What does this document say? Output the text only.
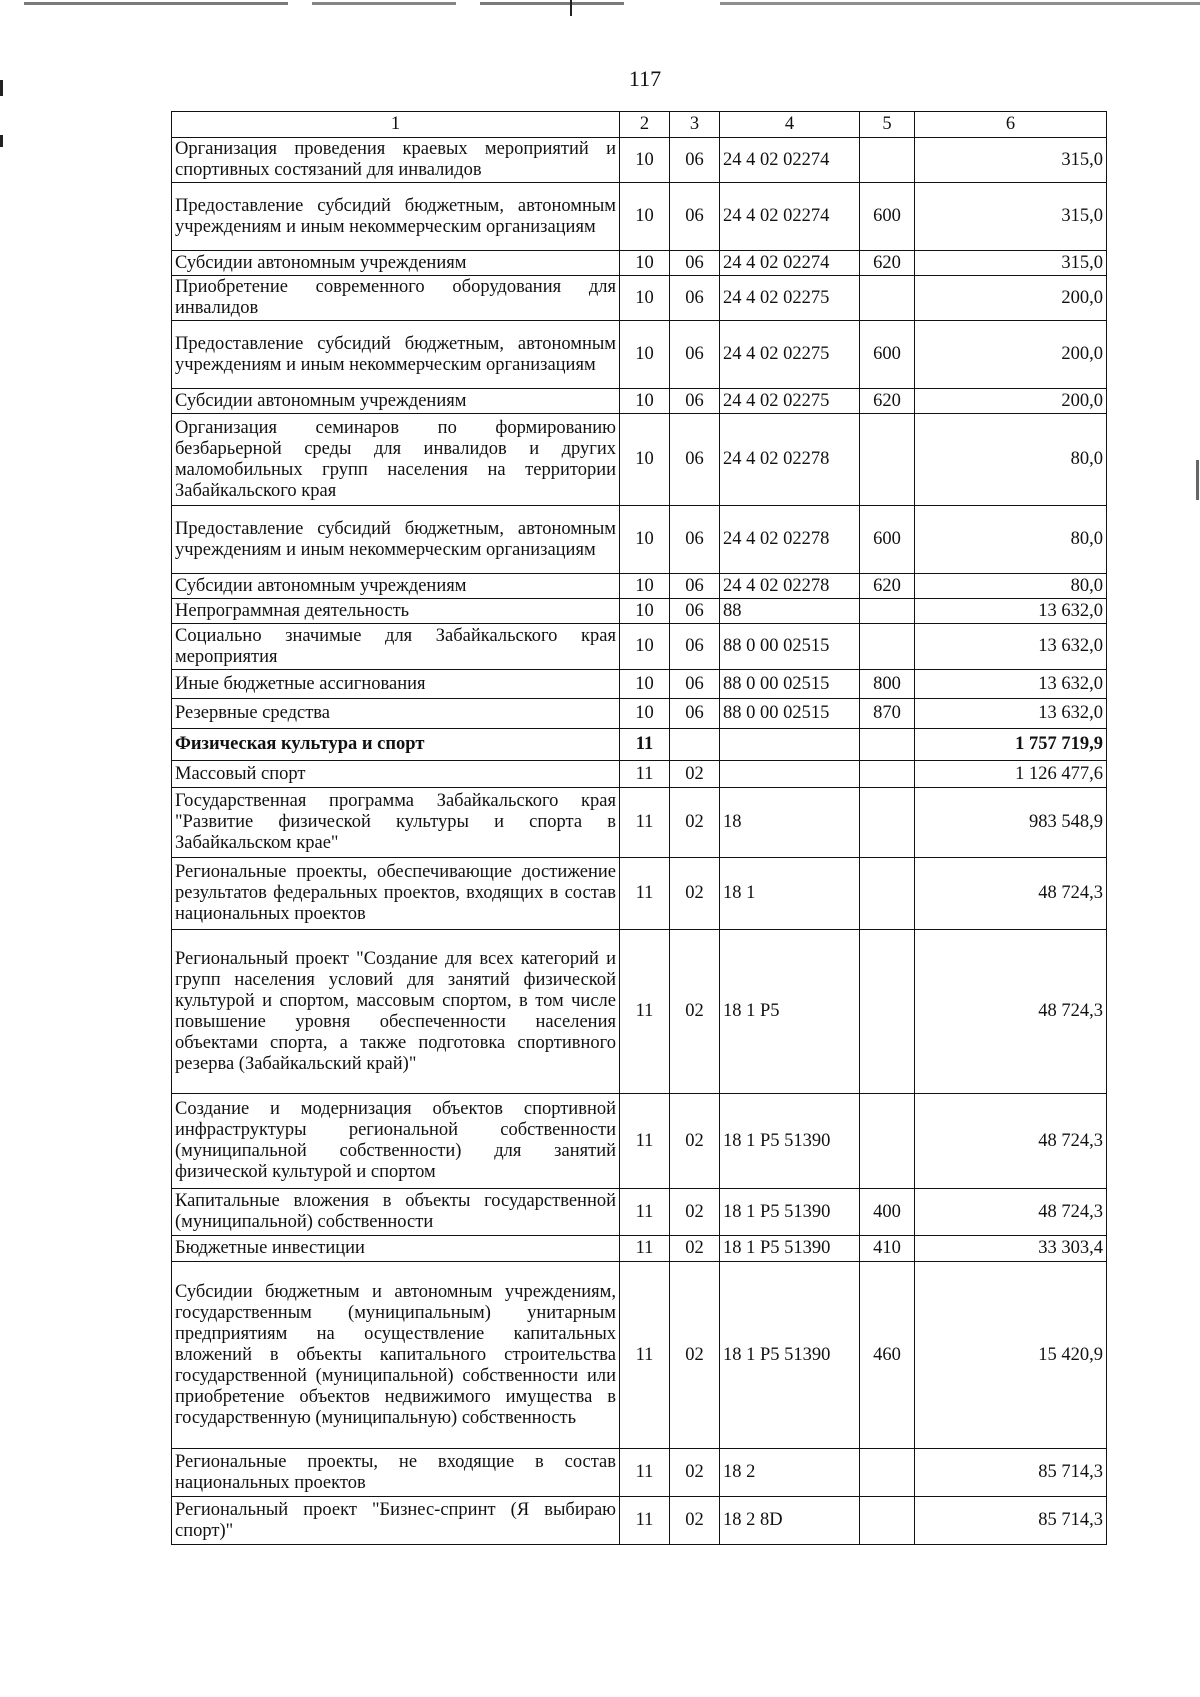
117
1	2	3	4	5	6
Организация проведения краевых мероприятий и спортивных состязаний для инвалидов	10	06	24 4 02 02274		315,0
Предоставление субсидий бюджетным, автономным учреждениям и иным некоммерческим организациям	10	06	24 4 02 02274	600	315,0
Субсидии автономным учреждениям	10	06	24 4 02 02274	620	315,0
Приобретение современного оборудования для инвалидов	10	06	24 4 02 02275		200,0
Предоставление субсидий бюджетным, автономным учреждениям и иным некоммерческим организациям	10	06	24 4 02 02275	600	200,0
Субсидии автономным учреждениям	10	06	24 4 02 02275	620	200,0
Организация семинаров по формированию безбарьерной среды для инвалидов и других маломобильных групп населения на территории Забайкальского края	10	06	24 4 02 02278		80,0
Предоставление субсидий бюджетным, автономным учреждениям и иным некоммерческим организациям	10	06	24 4 02 02278	600	80,0
Субсидии автономным учреждениям	10	06	24 4 02 02278	620	80,0
Непрограммная деятельность	10	06	88		13 632,0
Социально значимые для Забайкальского края мероприятия	10	06	88 0 00 02515		13 632,0
Иные бюджетные ассигнования	10	06	88 0 00 02515	800	13 632,0
Резервные средства	10	06	88 0 00 02515	870	13 632,0
Физическая культура и спорт	11				1 757 719,9
Массовый спорт	11	02			1 126 477,6
Государственная программа Забайкальского края "Развитие физической культуры и спорта в Забайкальском крае"	11	02	18		983 548,9
Региональные проекты, обеспечивающие достижение результатов федеральных проектов, входящих в состав национальных проектов	11	02	18 1		48 724,3
Региональный проект "Создание для всех категорий и групп населения условий для занятий физической культурой и спортом, массовым спортом, в том числе повышение уровня обеспеченности населения объектами спорта, а также подготовка спортивного резерва (Забайкальский край)"	11	02	18 1 P5		48 724,3
Создание и модернизация объектов спортивной инфраструктуры региональной собственности (муниципальной собственности) для занятий физической культурой и спортом	11	02	18 1 P5 51390		48 724,3
Капитальные вложения в объекты государственной (муниципальной) собственности	11	02	18 1 P5 51390	400	48 724,3
Бюджетные инвестиции	11	02	18 1 P5 51390	410	33 303,4
Субсидии бюджетным и автономным учреждениям, государственным (муниципальным) унитарным предприятиям на осуществление капитальных вложений в объекты капитального строительства государственной (муниципальной) собственности или приобретение объектов недвижимого имущества в государственную (муниципальную) собственность	11	02	18 1 P5 51390	460	15 420,9
Региональные проекты, не входящие в состав национальных проектов	11	02	18 2		85 714,3
Региональный проект "Бизнес-спринт (Я выбираю спорт)"	11	02	18 2 8D		85 714,3
